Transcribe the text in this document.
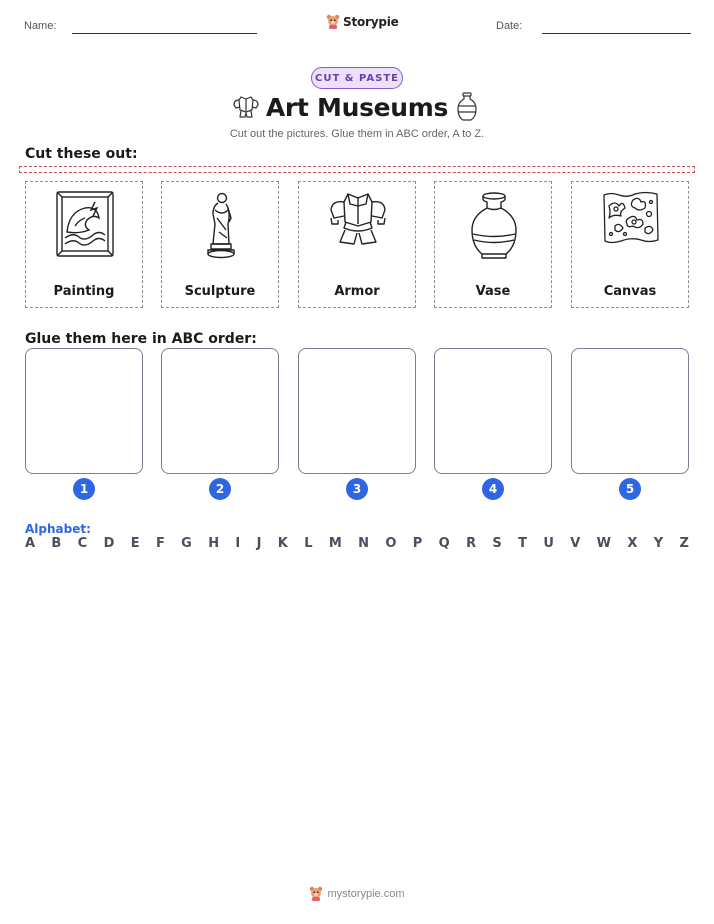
Name:	Storypie	Date:
CUT & PASTE
Art Museums
Cut out the pictures. Glue them in ABC order, A to Z.
Cut these out:
Painting	Sculpture	Armor	Vase	Canvas
Glue them here in ABC order:
1	2	3	4	5
Alphabet:
A B C D E F G H I J K L M N O P Q R S T U V W X Y Z
mystorypie.com
